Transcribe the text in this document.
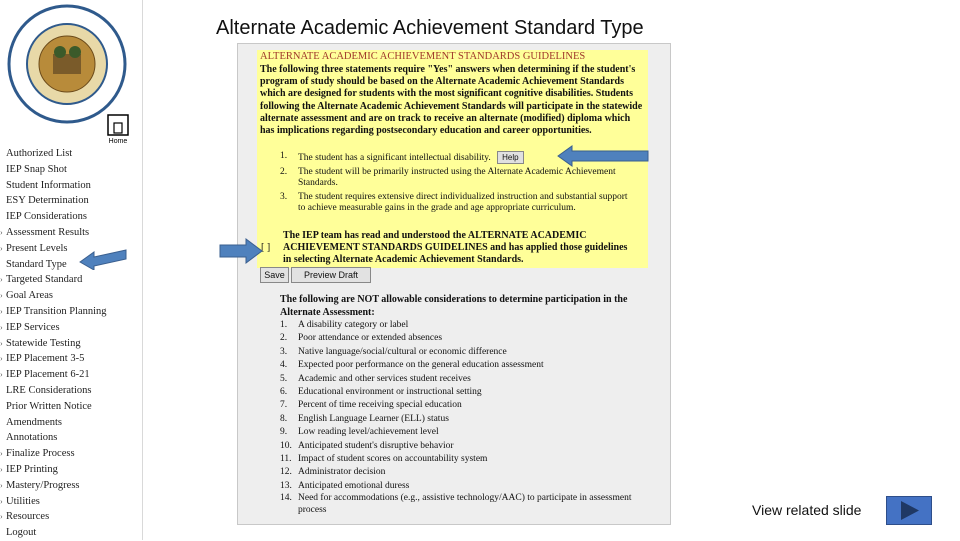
Home
Authorized List
IEP Snap Shot
Student Information
ESY Determination
IEP Considerations
› Assessment Results
› Present Levels
Standard Type
› Targeted Standard
› Goal Areas
› IEP Transition Planning
› IEP Services
› Statewide Testing
› IEP Placement 3-5
› IEP Placement 6-21
LRE Considerations
Prior Written Notice
Amendments
Annotations
› Finalize Process
› IEP Printing
› Mastery/Progress
› Utilities
› Resources
Logout
Alternate Academic Achievement Standard Type
ALTERNATE ACADEMIC ACHIEVEMENT STANDARDS GUIDELINES
The following three statements require "Yes" answers when determining if the student's program of study should be based on the Alternate Academic Achievement Standards which are designed for students with the most significant cognitive disabilities. Students following the Alternate Academic Achievement Standards will participate in the statewide alternate assessment and are on track to receive an alternate (modified) diploma which has implications regarding postsecondary education and career opportunities.
1. The student has a significant intellectual disability. Help
2. The student will be primarily instructed using the Alternate Academic Achievement Standards.
3. The student requires extensive direct individualized instruction and substantial support to achieve measurable gains in the grade and age appropriate curriculum.
[ ]
The IEP team has read and understood the ALTERNATE ACADEMIC ACHIEVEMENT STANDARDS GUIDELINES and has applied those guidelines in selecting Alternate Academic Achievement Standards.
Save	Preview Draft
The following are NOT allowable considerations to determine participation in the Alternate Assessment:
1. A disability category or label
2. Poor attendance or extended absences
3. Native language/social/cultural or economic difference
4. Expected poor performance on the general education assessment
5. Academic and other services student receives
6. Educational environment or instructional setting
7. Percent of time receiving special education
8. English Language Learner (ELL) status
9. Low reading level/achievement level
10. Anticipated student's disruptive behavior
11. Impact of student scores on accountability system
12. Administrator decision
13. Anticipated emotional duress
14. Need for accommodations (e.g., assistive technology/AAC) to participate in assessment process	View related slide
